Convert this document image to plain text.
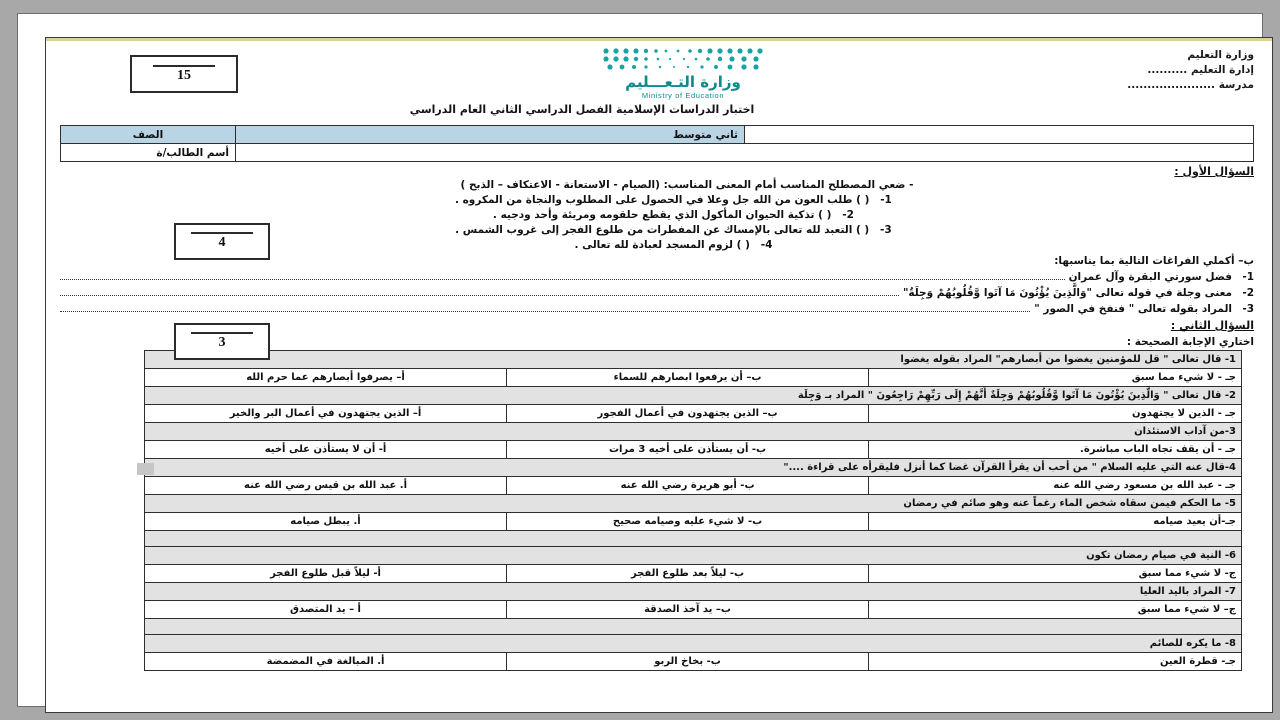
وزارة التعليم
إدارة التعليم ..........
مدرسة ......................
وزارة التـعـــليم
Ministry of Education
اختبار الدراسات الإسلامية الفصل الدراسي الثاني العام الدراسي
	ثاني متوسط	الصف
		أسم الطالب/ة
السؤال الأول :
- ضعي المصطلح المناسب أمام المعنى المناسب: (الصيام - الاستعانة - الاعتكاف – الذبح )
1- ( ) طلب العون من الله جل وعلا في الحصول على المطلوب والنجاة من المكروه .
2- ( ) تذكية الحيوان المأكول الذي يقطع حلقومه ومريئة وأحد ودجيه .
3- ( ) التعبد لله تعالى بالإمساك عن المفطرات من طلوع الفجر إلى غروب الشمس .
4- ( ) لزوم المسجد لعبادة لله تعالى .
ب– أكملي الفراغات التالية بما يناسبها:
1-
فضل سورتي البقرة وآل عمران
2-
معنى وجلة في قوله تعالى "وَالَّذِينَ يُؤْتُونَ مَا آتَوا وَّقُلُوبُهُمْ وَجِلَةٌ"
3-
المراد بقوله تعالى " فنفخ في الصور "
السؤال الثاني :
اختاري الإجابة الصحيحة :
1- قال تعالى " قل للمؤمنين يغضوا من أبصارهم" المراد بقوله يغضوا		
جـ - لا شيء مما سبق	ب– أن يرفعوا ابصارهم للسماء	أ– يصرفوا أبصارهم عما حرم الله
2- قال تعالى " وَالَّذِينَ يُؤْتُونَ مَا آتَوا وَّقُلُوبُهُمْ وَجِلَةٌ أَنَّهُمْ إِلَى رَبِّهِمْ رَاجِعُونَ " المراد بـ وَجِلَة		
جـ - الذين لا يجتهدون	ب– الذين يجتهدون في أعمال الفجور	أ– الذين يجتهدون في أعمال البر والخير
3-من آداب الاستئذان		
جـ - أن يقف تجاه الباب مباشرة.	ب- أن يستأذن على أخيه 3 مرات	أ- أن لا يستأذن على أخيه
4-قال عنه التي عليه السلام " من أحب أن يقرأ القرآن غضا كما أنزل فليقرأه على قراءة ...."		
جـ - عبد الله بن مسعود رضي الله عنه	ب- أبو هريرة رضي الله عنه	أ. عبد الله بن قيس رضي الله عنه
5- ما الحكم فيمن سقاه شخص الماء رغماً عنه وهو صائم في رمضان		
جـ-أن يعيد صيامه	ب- لا شيء عليه وصيامه صحيح	أ. يبطل صيامه

6- النية في صيام رمضان تكون		
ج- لا شيء مما سبق	ب- ليلاً بعد طلوع الفجر	أ- ليلاً قبل طلوع الفجر
7- المراد باليد العليا		
ج– لا شيء مما سبق	ب– يد آخذ الصدقة	أ – يد المتصدق

8- ما يكره للصائم		
جـ- قطرة العين	ب- بخاخ الربو	أ. المبالغة في المضمضة
15
4
3
